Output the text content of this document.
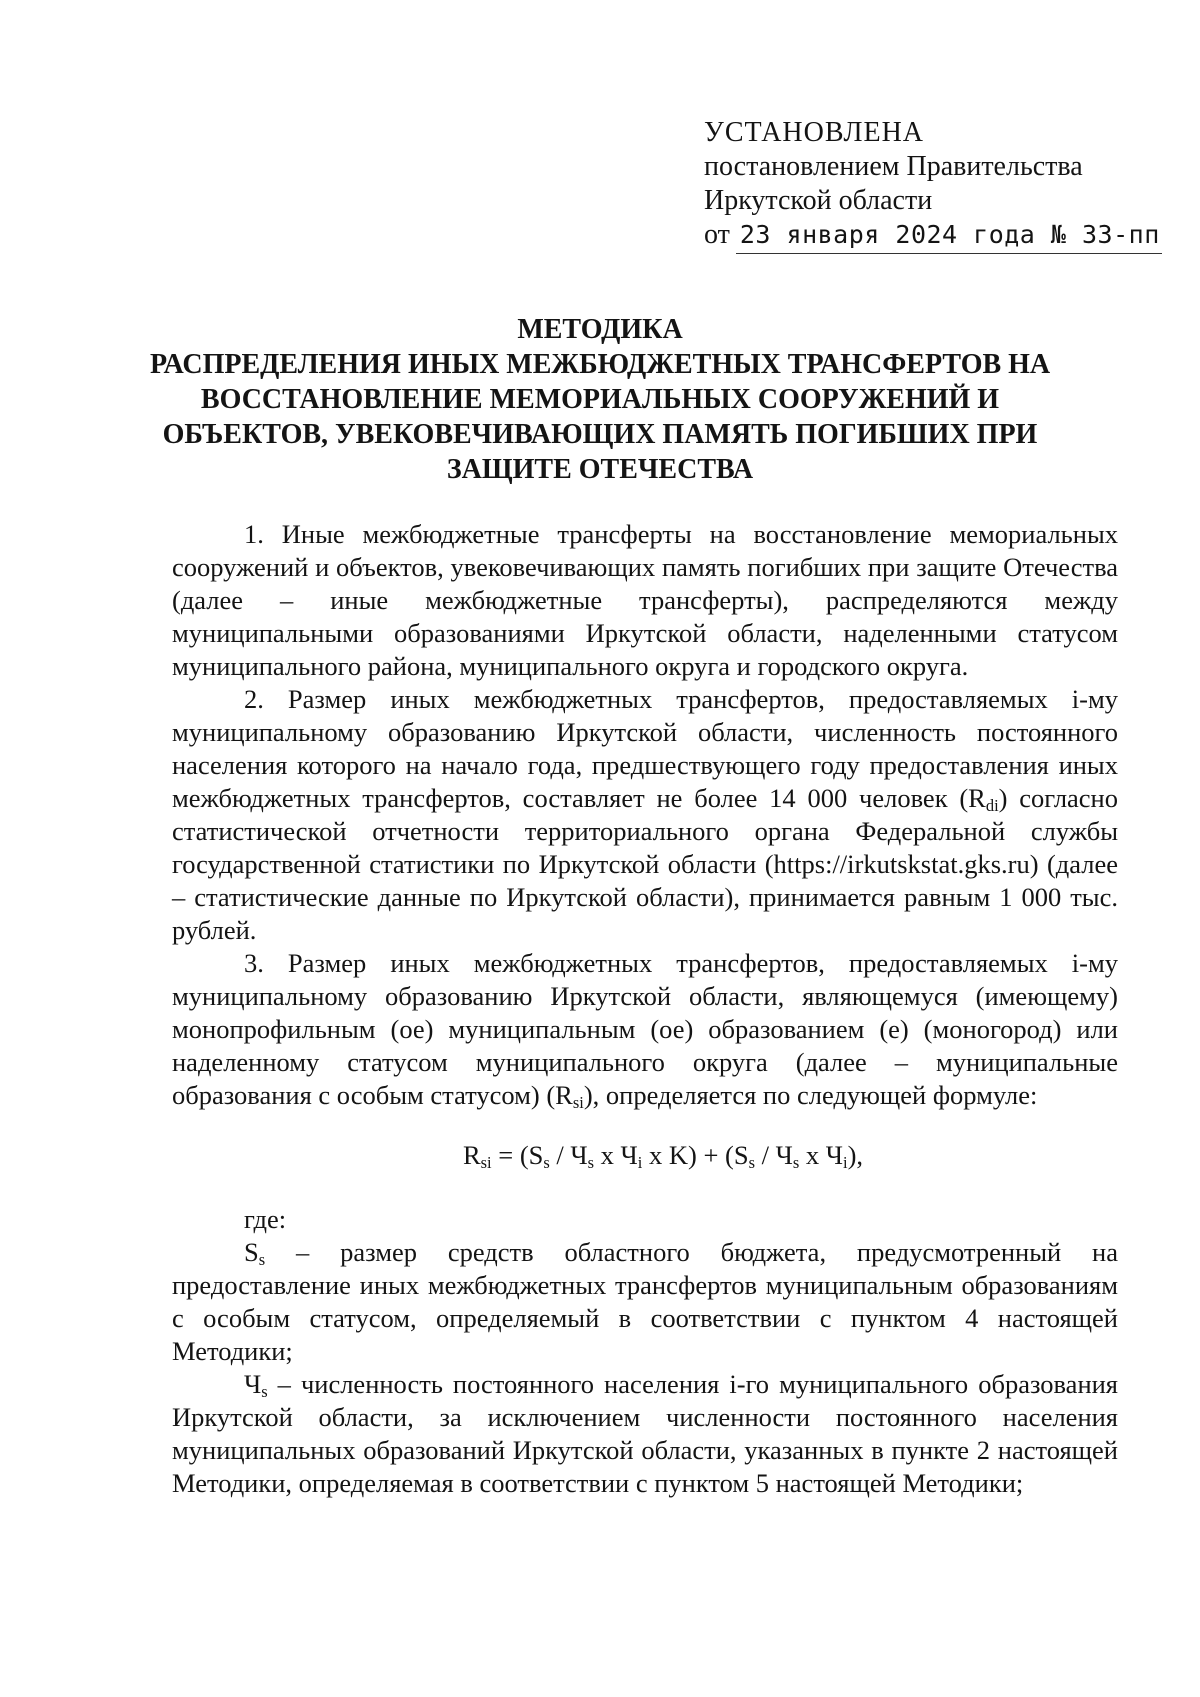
УСТАНОВЛЕНА
постановлением Правительства
Иркутской области
от 23 января 2024 года № 33-пп
МЕТОДИКА
РАСПРЕДЕЛЕНИЯ ИНЫХ МЕЖБЮДЖЕТНЫХ ТРАНСФЕРТОВ НА
ВОССТАНОВЛЕНИЕ МЕМОРИАЛЬНЫХ СООРУЖЕНИЙ И
ОБЪЕКТОВ, УВЕКОВЕЧИВАЮЩИХ ПАМЯТЬ ПОГИБШИХ ПРИ
ЗАЩИТЕ ОТЕЧЕСТВА

1. Иные межбюджетные трансферты на восстановление мемориальных сооружений и объектов, увековечивающих память погибших при защите Отечества (далее – иные межбюджетные трансферты), распределяются между муниципальными образованиями Иркутской области, наделенными статусом муниципального района, муниципального округа и городского округа.

2. Размер иных межбюджетных трансфертов, предоставляемых i-му муниципальному образованию Иркутской области, численность постоянного населения которого на начало года, предшествующего году предоставления иных межбюджетных трансфертов, составляет не более 14 000 человек $(R_{di})$ согласно статистической отчетности территориального органа Федеральной службы государственной статистики по Иркутской области (https://irkutskstat.gks.ru) (далее – статистические данные по Иркутской области), принимается равным 1 000 тыс. рублей.

3. Размер иных межбюджетных трансфертов, предоставляемых i-му муниципальному образованию Иркутской области, являющемуся (имеющему) монопрофильным (ое) муниципальным (ое) образованием (е) (моногород) или наделенному статусом муниципального округа (далее – муниципальные образования с особым статусом) $(R_{si})$, определяется по следующей формуле:

$R_{si} = (S_s / Ч_s$ x $Ч_i$ x $K) + (S_s / Ч_s$ x $Ч_i$),

где:

$S_s$ – размер средств областного бюджета, предусмотренный на предоставление иных межбюджетных трансфертов муниципальным образованиям с особым статусом, определяемый в соответствии с пунктом 4 настоящей Методики;

$Ч_s$ – численность постоянного населения i-го муниципального образования Иркутской области, за исключением численности постоянного населения муниципальных образований Иркутской области, указанных в пункте 2 настоящей Методики, определяемая в соответствии с пунктом 5 настоящей Методики;
